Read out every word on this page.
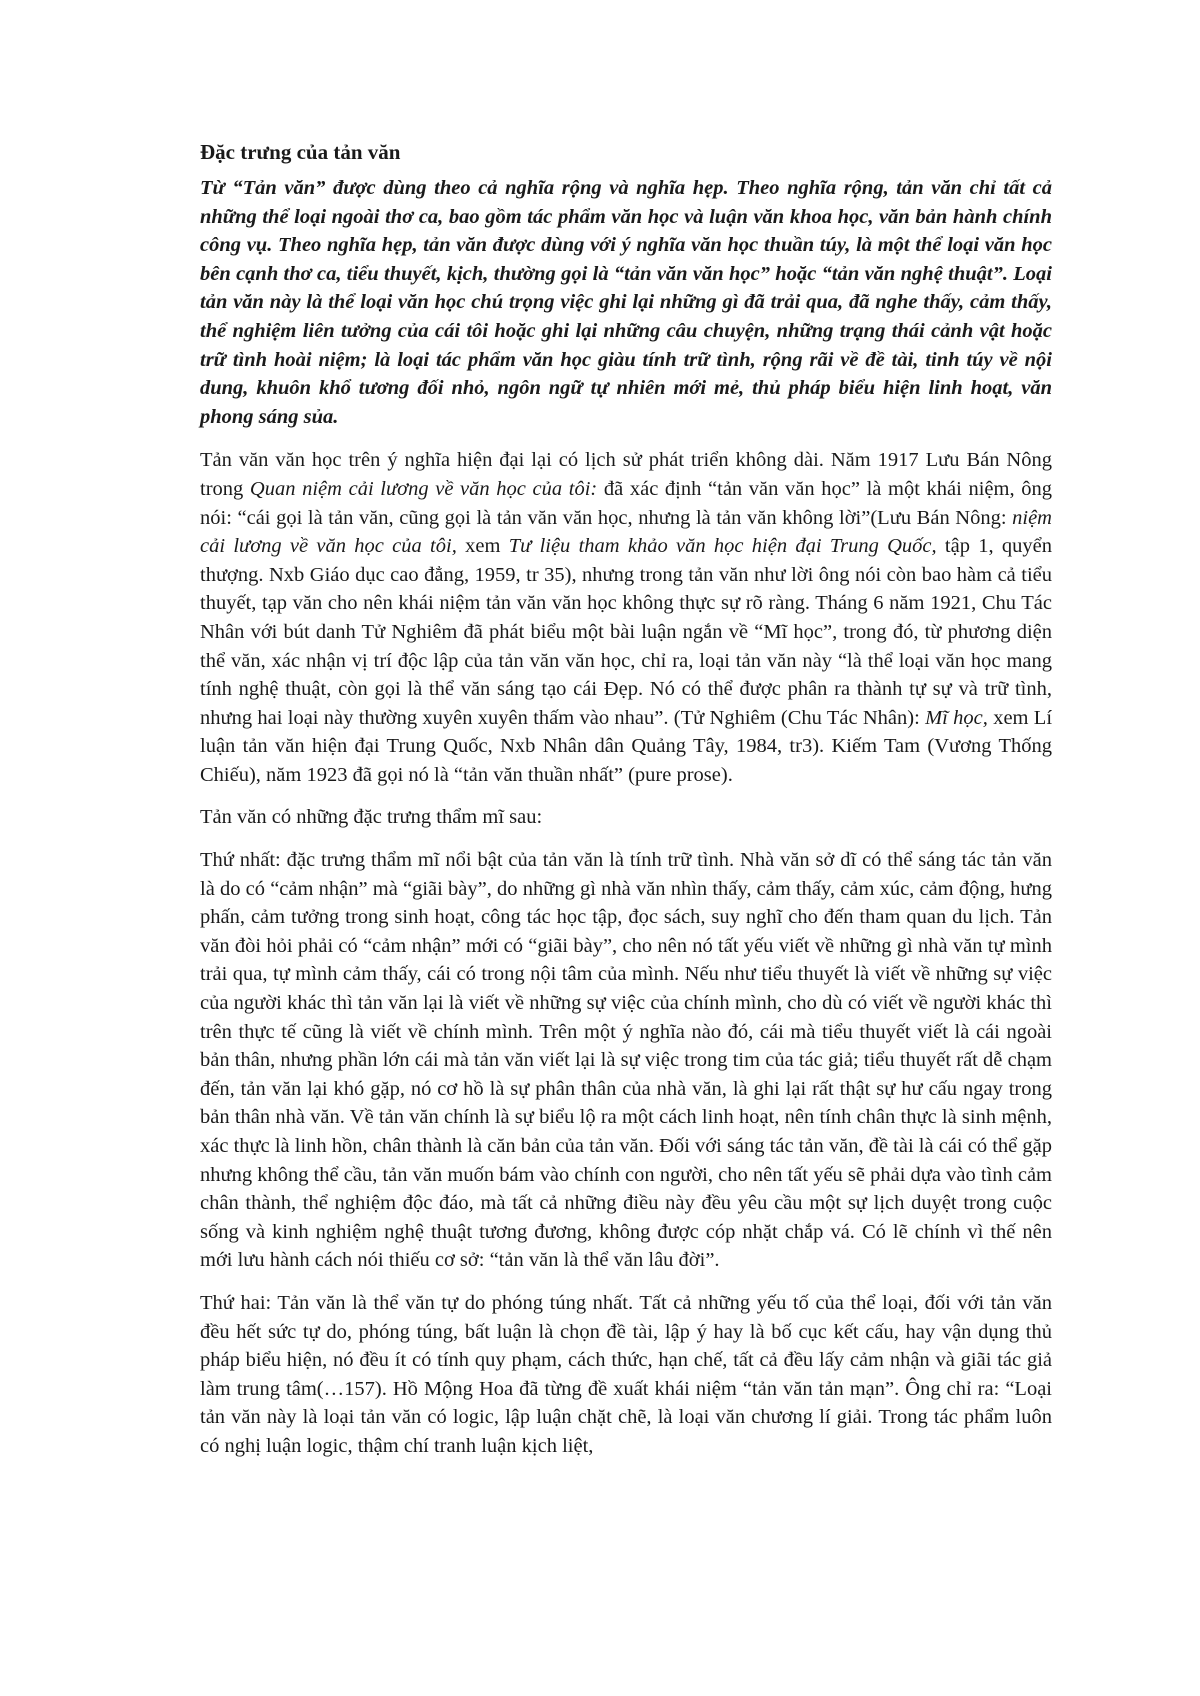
Đặc trưng của tản văn

Từ “Tản văn” được dùng theo cả nghĩa rộng và nghĩa hẹp. Theo nghĩa rộng, tản văn chỉ tất cả những thể loại ngoài thơ ca, bao gồm tác phẩm văn học và luận văn khoa học, văn bản hành chính công vụ. Theo nghĩa hẹp, tản văn được dùng với ý nghĩa văn học thuần túy, là một thể loại văn học bên cạnh thơ ca, tiểu thuyết, kịch, thường gọi là “tản văn văn học” hoặc “tản văn nghệ thuật”. Loại tản văn này là thể loại văn học chú trọng việc ghi lại những gì đã trải qua, đã nghe thấy, cảm thấy, thể nghiệm liên tưởng của cái tôi hoặc ghi lại những câu chuyện, những trạng thái cảnh vật hoặc trữ tình hoài niệm; là loại tác phẩm văn học giàu tính trữ tình, rộng rãi về đề tài, tinh túy về nội dung, khuôn khổ tương đối nhỏ, ngôn ngữ tự nhiên mới mẻ, thủ pháp biểu hiện linh hoạt, văn phong sáng sủa.

Tản văn văn học trên ý nghĩa hiện đại lại có lịch sử phát triển không dài. Năm 1917 Lưu Bán Nông trong Quan niệm cải lương về văn học của tôi: đã xác định “tản văn văn học” là một khái niệm, ông nói: “cái gọi là tản văn, cũng gọi là tản văn văn học, nhưng là tản văn không lời”(Lưu Bán Nông: niệm cải lương về văn học của tôi, xem Tư liệu tham khảo văn học hiện đại Trung Quốc, tập 1, quyển thượng. Nxb Giáo dục cao đẳng, 1959, tr 35), nhưng trong tản văn như lời ông nói còn bao hàm cả tiểu thuyết, tạp văn cho nên khái niệm tản văn văn học không thực sự rõ ràng. Tháng 6 năm 1921, Chu Tác Nhân với bút danh Tử Nghiêm đã phát biểu một bài luận ngắn về “Mĩ học”, trong đó, từ phương diện thể văn, xác nhận vị trí độc lập của tản văn văn học, chỉ ra, loại tản văn này “là thể loại văn học mang tính nghệ thuật, còn gọi là thể văn sáng tạo cái Đẹp. Nó có thể được phân ra thành tự sự và trữ tình, nhưng hai loại này thường xuyên xuyên thấm vào nhau”. (Tử Nghiêm (Chu Tác Nhân): Mĩ học, xem Lí luận tản văn hiện đại Trung Quốc, Nxb Nhân dân Quảng Tây, 1984, tr3). Kiếm Tam (Vương Thống Chiếu), năm 1923 đã gọi nó là “tản văn thuần nhất” (pure prose).

Tản văn có những đặc trưng thẩm mĩ sau:

Thứ nhất: đặc trưng thẩm mĩ nổi bật của tản văn là tính trữ tình. Nhà văn sở dĩ có thể sáng tác tản văn là do có “cảm nhận” mà “giãi bày”, do những gì nhà văn nhìn thấy, cảm thấy, cảm xúc, cảm động, hưng phấn, cảm tưởng trong sinh hoạt, công tác học tập, đọc sách, suy nghĩ cho đến tham quan du lịch. Tản văn đòi hỏi phải có “cảm nhận” mới có “giãi bày”, cho nên nó tất yếu viết về những gì nhà văn tự mình trải qua, tự mình cảm thấy, cái có trong nội tâm của mình. Nếu như tiểu thuyết là viết về những sự việc của người khác thì tản văn lại là viết về những sự việc của chính mình, cho dù có viết về người khác thì trên thực tế cũng là viết về chính mình. Trên một ý nghĩa nào đó, cái mà tiểu thuyết viết là cái ngoài bản thân, nhưng phần lớn cái mà tản văn viết lại là sự việc trong tim của tác giả; tiểu thuyết rất dễ chạm đến, tản văn lại khó gặp, nó cơ hồ là sự phân thân của nhà văn, là ghi lại rất thật sự hư cấu ngay trong bản thân nhà văn. Về tản văn chính là sự biểu lộ ra một cách linh hoạt, nên tính chân thực là sinh mệnh, xác thực là linh hồn, chân thành là căn bản của tản văn. Đối với sáng tác tản văn, đề tài là cái có thể gặp nhưng không thể cầu, tản văn muốn bám vào chính con người, cho nên tất yếu sẽ phải dựa vào tình cảm chân thành, thể nghiệm độc đáo, mà tất cả những điều này đều yêu cầu một sự lịch duyệt trong cuộc sống và kinh nghiệm nghệ thuật tương đương, không được cóp nhặt chắp vá. Có lẽ chính vì thế nên mới lưu hành cách nói thiếu cơ sở: “tản văn là thể văn lâu đời”.

Thứ hai: Tản văn là thể văn tự do phóng túng nhất. Tất cả những yếu tố của thể loại, đối với tản văn đều hết sức tự do, phóng túng, bất luận là chọn đề tài, lập ý hay là bố cục kết cấu, hay vận dụng thủ pháp biểu hiện, nó đều ít có tính quy phạm, cách thức, hạn chế, tất cả đều lấy cảm nhận và giãi tác giả làm trung tâm(…157). Hồ Mộng Hoa đã từng đề xuất khái niệm “tản văn tản mạn”. Ông chỉ ra: “Loại tản văn này là loại tản văn có logic, lập luận chặt chẽ, là loại văn chương lí giải. Trong tác phẩm luôn có nghị luận logic, thậm chí tranh luận kịch liệt,
